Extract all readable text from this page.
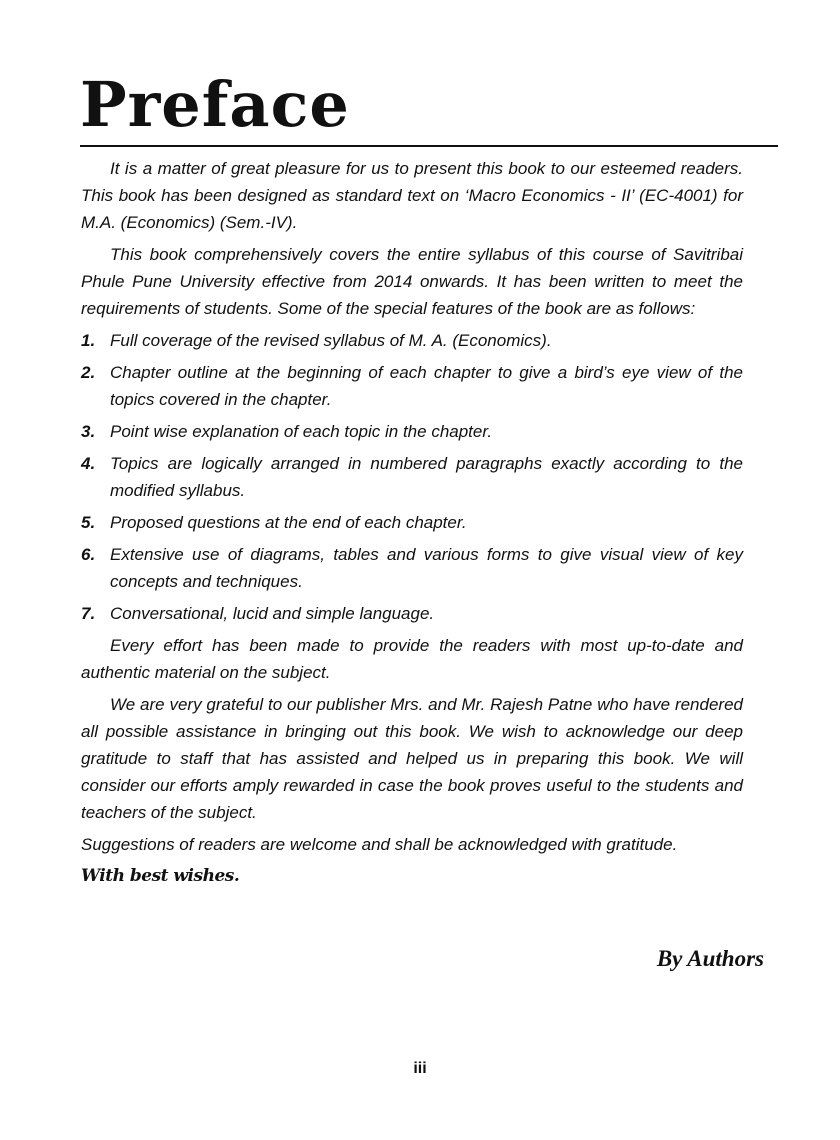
Preface

It is a matter of great pleasure for us to present this book to our esteemed readers. This book has been designed as standard text on ‘Macro Economics - II’ (EC-4001) for M.A. (Economics) (Sem.-IV).

This book comprehensively covers the entire syllabus of this course of Savitribai Phule Pune University effective from 2014 onwards. It has been written to meet the requirements of students. Some of the special features of the book are as follows:

1. Full coverage of the revised syllabus of M. A. (Economics).
2. Chapter outline at the beginning of each chapter to give a bird’s eye view of the topics covered in the chapter.
3. Point wise explanation of each topic in the chapter.
4. Topics are logically arranged in numbered paragraphs exactly according to the modified syllabus.
5. Proposed questions at the end of each chapter.
6. Extensive use of diagrams, tables and various forms to give visual view of key concepts and techniques.
7. Conversational, lucid and simple language.

Every effort has been made to provide the readers with most up-to-date and authentic material on the subject.

We are very grateful to our publisher Mrs. and Mr. Rajesh Patne who have rendered all possible assistance in bringing out this book. We wish to acknowledge our deep gratitude to staff that has assisted and helped us in preparing this book. We will consider our efforts amply rewarded in case the book proves useful to the students and teachers of the subject.

Suggestions of readers are welcome and shall be acknowledged with gratitude.

With best wishes.

By Authors
iii
